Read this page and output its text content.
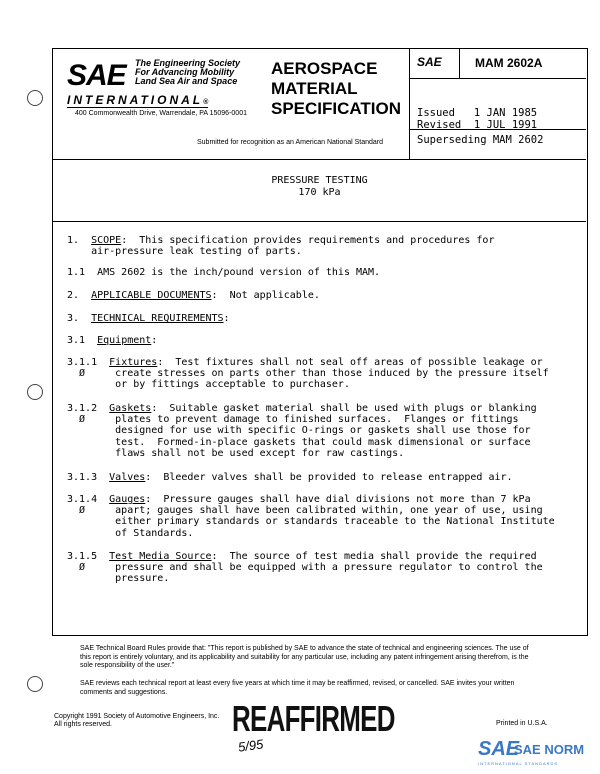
SAE The Engineering Society
For Advancing Mobility
Land Sea Air and Space
INTERNATIONAL®
400 Commonwealth Drive, Warrendale, PA 15096-0001
AEROSPACE
MATERIAL
SPECIFICATION
Submitted for recognition as an American National Standard
SAE	MAM 2602A
Issued   1 JAN 1985
Revised  1 JUL 1991
Superseding MAM 2602
PRESSURE TESTING
170 kPa
1. SCOPE:  This specification provides requirements and procedures for
air-pressure leak testing of parts.
1.1  AMS 2602 is the inch/pound version of this MAM.
2. APPLICABLE DOCUMENTS:  Not applicable.
3. TECHNICAL REQUIREMENTS:
3.1 Equipment:
3.1.1 Fixtures:  Test fixtures shall not seal off areas of possible leakage or
Ø     create stresses on parts other than those induced by the pressure itself
or by fittings acceptable to purchaser.
3.1.2 Gaskets:  Suitable gasket material shall be used with plugs or blanking
Ø     plates to prevent damage to finished surfaces.  Flanges or fittings
designed for use with specific O-rings or gaskets shall use those for
test.  Formed-in-place gaskets that could mask dimensional or surface
flaws shall not be used except for raw castings.
3.1.3 Valves:  Bleeder valves shall be provided to release entrapped air.
3.1.4 Gauges:  Pressure gauges shall have dial divisions not more than 7 kPa
Ø     apart; gauges shall have been calibrated within, one year of use, using
either primary standards or standards traceable to the National Institute
of Standards.
3.1.5 Test Media Source:  The source of test media shall provide the required
Ø     pressure and shall be equipped with a pressure regulator to control the
pressure.
SAE Technical Board Rules provide that: "This report is published by SAE to advance the state of technical and engineering sciences. The use of this report is entirely voluntary, and its applicability and suitability for any particular use, including any patent infringement arising therefrom, is the sole responsibility of the user."
SAE reviews each technical report at least every five years at which time it may be reaffirmed, revised, or cancelled. SAE invites your written comments and suggestions.
Copyright 1991 Society of Automotive Engineers, Inc.
All rights reserved.	REAFFIRMED
5/95
Printed in U.S.A.
SAE
SAE NORM
INTERNATIONAL STANDARDS
